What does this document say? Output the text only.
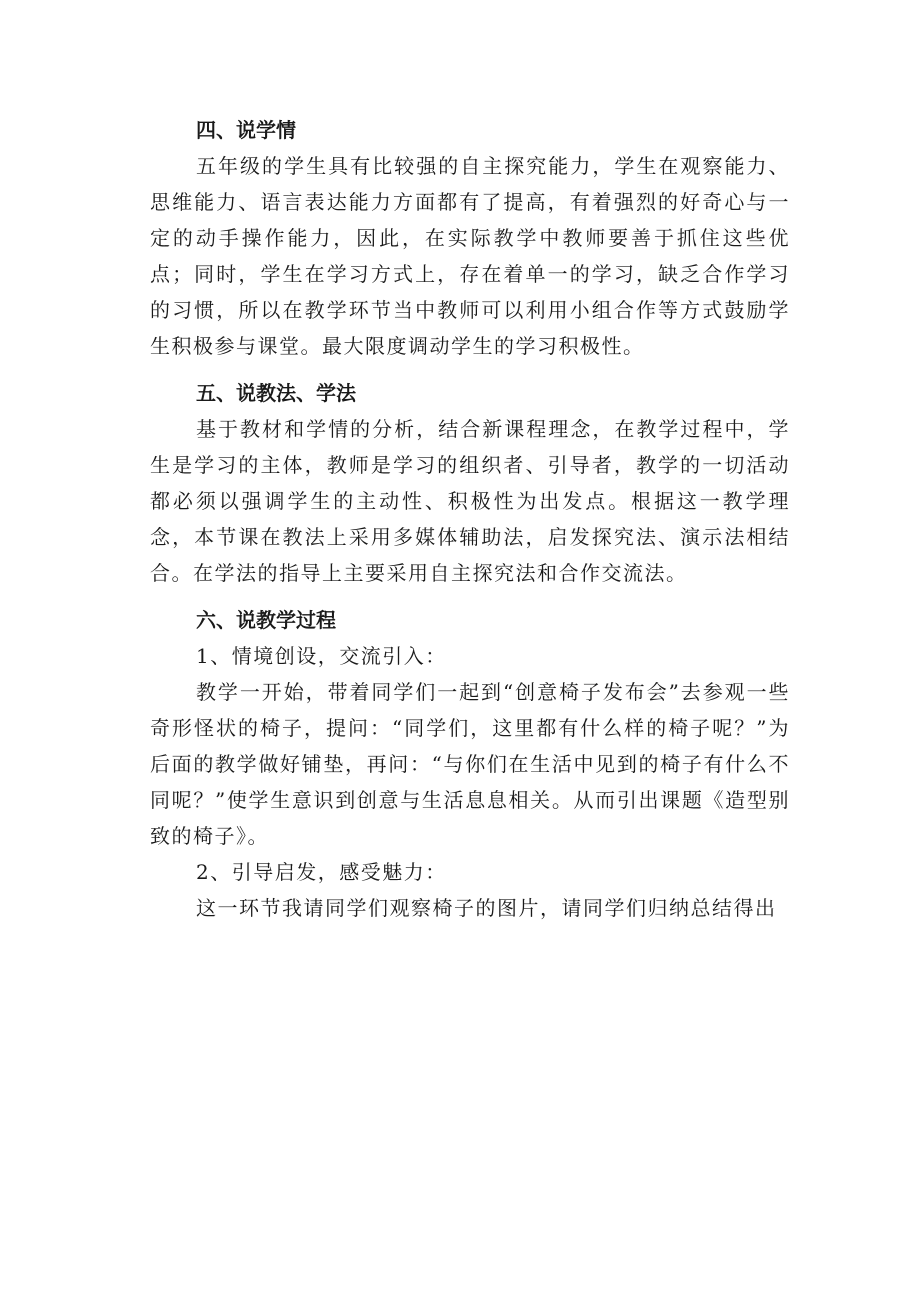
四、说学情

五年级的学生具有比较强的自主探究能力，学生在观察能力、思维能力、语言表达能力方面都有了提高，有着强烈的好奇心与一定的动手操作能力，因此，在实际教学中教师要善于抓住这些优点；同时，学生在学习方式上，存在着单一的学习，缺乏合作学习的习惯，所以在教学环节当中教师可以利用小组合作等方式鼓励学生积极参与课堂。最大限度调动学生的学习积极性。

五、说教法、学法

基于教材和学情的分析，结合新课程理念，在教学过程中，学生是学习的主体，教师是学习的组织者、引导者，教学的一切活动都必须以强调学生的主动性、积极性为出发点。根据这一教学理念，本节课在教法上采用多媒体辅助法，启发探究法、演示法相结合。在学法的指导上主要采用自主探究法和合作交流法。

六、说教学过程

1、情境创设，交流引入：

教学一开始，带着同学们一起到“创意椅子发布会”去参观一些奇形怪状的椅子，提问：“同学们，这里都有什么样的椅子呢？”为后面的教学做好铺垫，再问：“与你们在生活中见到的椅子有什么不同呢？”使学生意识到创意与生活息息相关。从而引出课题《造型别致的椅子》。

2、引导启发，感受魅力：

这一环节我请同学们观察椅子的图片，请同学们归纳总结得出
